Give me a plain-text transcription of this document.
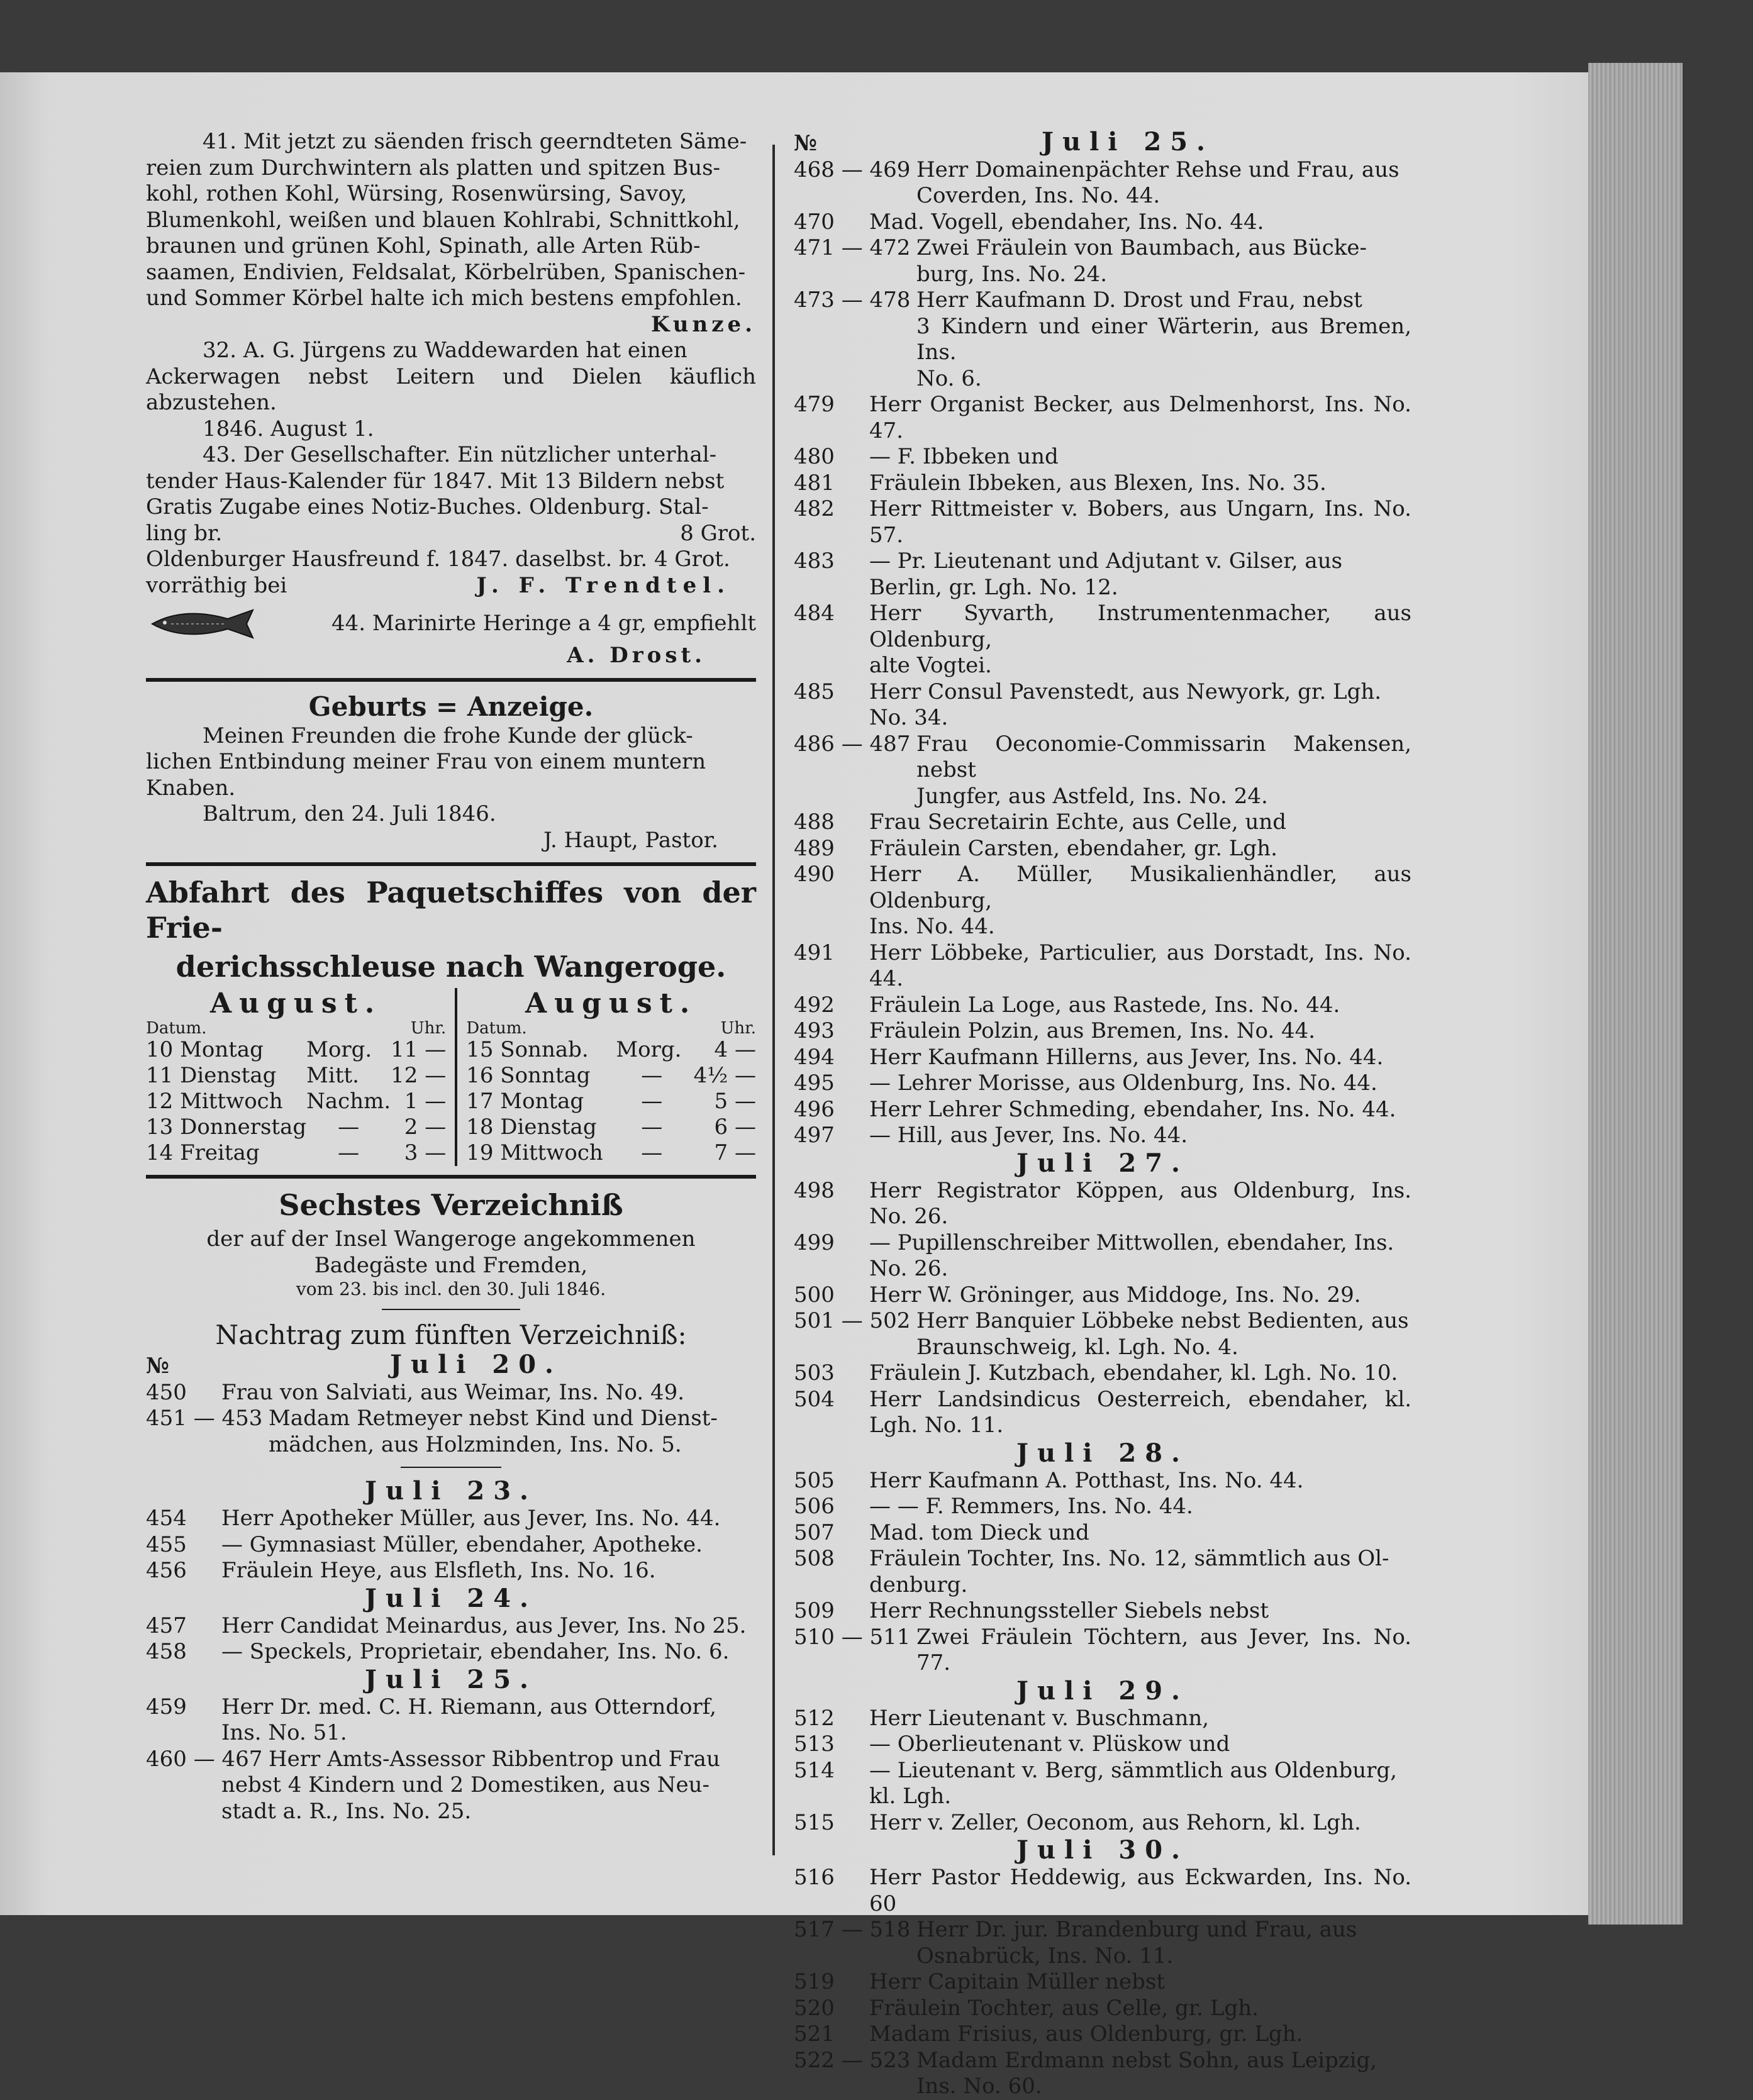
41. Mit jetzt zu säenden frisch geerndteten Säme-

reien zum Durchwintern als platten und spitzen Bus-

kohl, rothen Kohl, Würsing, Rosenwürsing, Savoy,

Blumenkohl, weißen und blauen Kohlrabi, Schnittkohl,

braunen und grünen Kohl, Spinath, alle Arten Rüb-

saamen, Endivien, Feldsalat, Körbelrüben, Spanischen-

und Sommer Körbel halte ich mich bestens empfohlen.

Kunze.

32. A. G. Jürgens zu Waddewarden hat einen

Ackerwagen nebst Leitern und Dielen käuflich abzustehen.

1846. August 1.

43. Der Gesellschafter. Ein nützlicher unterhal-

tender Haus-Kalender für 1847. Mit 13 Bildern nebst

Gratis Zugabe eines Notiz-Buches. Oldenburg. Stal-

ling br.	8 Grot.

Oldenburger Hausfreund f. 1847. daselbst. br. 4 Grot.

vorräthig bei	J. F. Trendtel.
44. Marinirte Heringe a 4 gr, empfiehlt

A. Drost.

Geburts = Anzeige.

Meinen Freunden die frohe Kunde der glück-

lichen Entbindung meiner Frau von einem muntern

Knaben.

Baltrum, den 24. Juli 1846.

J. Haupt, Pastor.

Abfahrt des Paquetschiffes von der Frie-
derichsschleuse nach Wangeroge.
August.
Datum.	Uhr.
10 Montag	Morg.	11 —
11 Dienstag	Mitt.	12 —
12 Mittwoch	Nachm.	1 —
13 Donnerstag	—	2 —
14 Freitag	—	3 —
August.
Datum.	Uhr.
15 Sonnab.	Morg.	4 —
16 Sonntag	—	4½ —
17 Montag	—	5 —
18 Dienstag	—	6 —
19 Mittwoch	—	7 —
Sechstes Verzeichniß

der auf der Insel Wangeroge angekommenen

Badegäste und Fremden,

vom 23. bis incl. den 30. Juli 1846.
Nachtrag zum fünften Verzeichniß:
№	Juli 20.
450	Frau von Salviati, aus Weimar, Ins. No. 49.
451 — 453 Madam Retmeyer nebst Kind und Dienst-

mädchen, aus Holzminden, Ins. No. 5.

Juli 23.
454	Herr Apotheker Müller, aus Jever, Ins. No. 44.
455	— Gymnasiast Müller, ebendaher, Apotheke.
456	Fräulein Heye, aus Elsfleth, Ins. No. 16.
Juli 24.
457	Herr Candidat Meinardus, aus Jever, Ins. No 25.
458	— Speckels, Proprietair, ebendaher, Ins. No. 6.
Juli 25.
459	Herr Dr. med. C. H. Riemann, aus Otterndorf,

Ins. No. 51.

460 — 467 Herr Amts-Assessor Ribbentrop und Frau

nebst 4 Kindern und 2 Domestiken, aus Neu-

stadt a. R., Ins. No. 25.

№	Juli 25.
468 — 469 Herr Domainenpächter Rehse und Frau, aus

Coverden, Ins. No. 44.

470	Mad. Vogell, ebendaher, Ins. No. 44.
471 — 472 Zwei Fräulein von Baumbach, aus Bücke-

burg, Ins. No. 24.

473 — 478 Herr Kaufmann D. Drost und Frau, nebst

3 Kindern und einer Wärterin, aus Bremen, Ins.

No. 6.

479	Herr Organist Becker, aus Delmenhorst, Ins. No. 47.
480	— F. Ibbeken und
481	Fräulein Ibbeken, aus Blexen, Ins. No. 35.
482	Herr Rittmeister v. Bobers, aus Ungarn, Ins. No. 57.
483	— Pr. Lieutenant und Adjutant v. Gilser, aus

Berlin, gr. Lgh. No. 12.

484	Herr Syvarth, Instrumentenmacher, aus Oldenburg,

alte Vogtei.

485	Herr Consul Pavenstedt, aus Newyork, gr. Lgh.

No. 34.

486 — 487 Frau Oeconomie-Commissarin Makensen, nebst

Jungfer, aus Astfeld, Ins. No. 24.

488	Frau Secretairin Echte, aus Celle, und
489	Fräulein Carsten, ebendaher, gr. Lgh.
490	Herr A. Müller, Musikalienhändler, aus Oldenburg,

Ins. No. 44.

491	Herr Löbbeke, Particulier, aus Dorstadt, Ins. No. 44.
492	Fräulein La Loge, aus Rastede, Ins. No. 44.
493	Fräulein Polzin, aus Bremen, Ins. No. 44.
494	Herr Kaufmann Hillerns, aus Jever, Ins. No. 44.
495	— Lehrer Morisse, aus Oldenburg, Ins. No. 44.
496	Herr Lehrer Schmeding, ebendaher, Ins. No. 44.
497	— Hill, aus Jever, Ins. No. 44.
Juli 27.
498	Herr Registrator Köppen, aus Oldenburg, Ins. No. 26.
499	— Pupillenschreiber Mittwollen, ebendaher, Ins.

No. 26.

500	Herr W. Gröninger, aus Middoge, Ins. No. 29.
501 — 502 Herr Banquier Löbbeke nebst Bedienten, aus

Braunschweig, kl. Lgh. No. 4.

503	Fräulein J. Kutzbach, ebendaher, kl. Lgh. No. 10.
504	Herr Landsindicus Oesterreich, ebendaher, kl. Lgh. No. 11.
Juli 28.
505	Herr Kaufmann A. Potthast, Ins. No. 44.
506	— — F. Remmers, Ins. No. 44.
507	Mad. tom Dieck und
508	Fräulein Tochter, Ins. No. 12, sämmtlich aus Ol-

denburg.

509	Herr Rechnungssteller Siebels nebst
510 — 511 Zwei Fräulein Töchtern, aus Jever, Ins. No. 77.
Juli 29.
512	Herr Lieutenant v. Buschmann,
513	— Oberlieutenant v. Plüskow und
514	— Lieutenant v. Berg, sämmtlich aus Oldenburg,

kl. Lgh.

515	Herr v. Zeller, Oeconom, aus Rehorn, kl. Lgh.
Juli 30.
516	Herr Pastor Heddewig, aus Eckwarden, Ins. No. 60
517 — 518 Herr Dr. jur. Brandenburg und Frau, aus

Osnabrück, Ins. No. 11.

519	Herr Capitain Müller nebst
520	Fräulein Tochter, aus Celle, gr. Lgh.
521	Madam Frisius, aus Oldenburg, gr. Lgh.
522 — 523 Madam Erdmann nebst Sohn, aus Leipzig,

Ins. No. 60.
